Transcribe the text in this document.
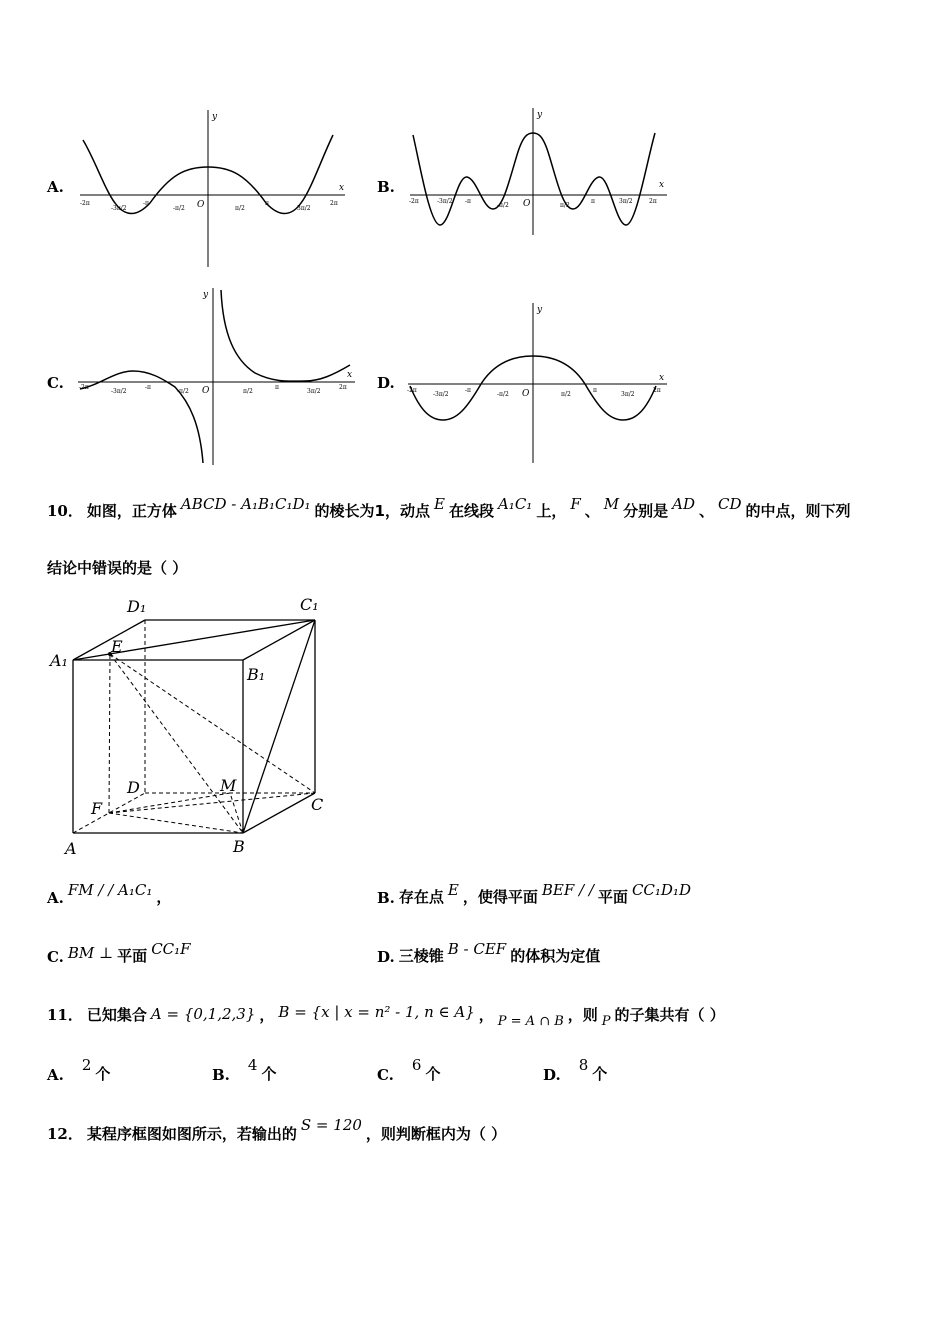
A.	B.
C.	D.
x
y
O
-2π
-3π/2
-π
-π/2	π/2
π
3π/2
2π
x
y
O
-2π	-3π/2 -π
-π/2	π/2
π	3π/2	2π
x
y
O
-2π
-3π/2
-π
-π/2	π/2
π
3π/2
2π
x
y
O
-2π
-3π/2
-π
-π/2	π/2
π
3π/2
2π
10． 如图，正方体 ABCD - A₁B₁C₁D₁ 的棱长为1，动点 E 在线段 A₁C₁ 上， F 、 M 分别是 AD 、 CD 的中点，则下列
结论中错误的是（ ）
A₁
D₁	C₁
B₁
E
D	M
C
F
A	B
A. FM / / A₁C₁ ，	B. 存在点 E ，使得平面 BEF / / 平面 CC₁D₁D
C. BM ⊥ 平面 CC₁F	D. 三棱锥 B - CEF 的体积为定值
11． 已知集合 A = {0,1,2,3} ， B = {x | x = n² - 1, n ∈ A} ， P = A ∩ B ，则 P 的子集共有（ ）
A.
2 个	B.
4 个	C.
6 个	D.
8 个
12． 某程序框图如图所示，若输出的 S = 120 ，则判断框内为（ ）
